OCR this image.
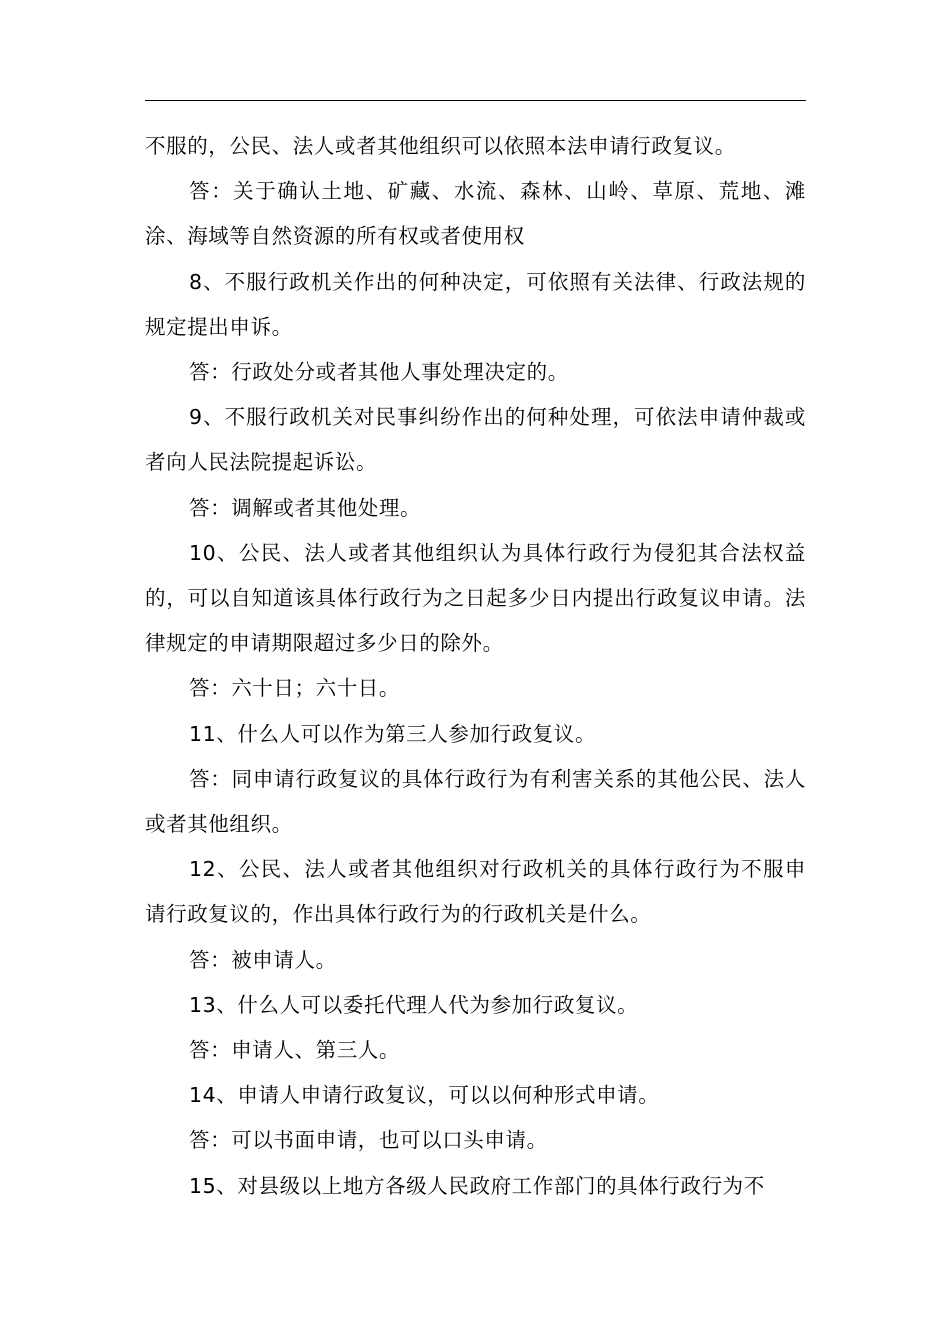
不服的，公民、法人或者其他组织可以依照本法申请行政复议。

答：关于确认土地、矿藏、水流、森林、山岭、草原、荒地、滩涂、海域等自然资源的所有权或者使用权

8、不服行政机关作出的何种决定，可依照有关法律、行政法规的规定提出申诉。

答：行政处分或者其他人事处理决定的。

9、不服行政机关对民事纠纷作出的何种处理，可依法申请仲裁或者向人民法院提起诉讼。

答：调解或者其他处理。

10、公民、法人或者其他组织认为具体行政行为侵犯其合法权益的，可以自知道该具体行政行为之日起多少日内提出行政复议申请。法律规定的申请期限超过多少日的除外。

答：六十日；六十日。

11、什么人可以作为第三人参加行政复议。

答：同申请行政复议的具体行政行为有利害关系的其他公民、法人或者其他组织。

12、公民、法人或者其他组织对行政机关的具体行政行为不服申请行政复议的，作出具体行政行为的行政机关是什么。

答：被申请人。

13、什么人可以委托代理人代为参加行政复议。

答：申请人、第三人。

14、申请人申请行政复议，可以以何种形式申请。

答：可以书面申请，也可以口头申请。

15、对县级以上地方各级人民政府工作部门的具体行政行为不
